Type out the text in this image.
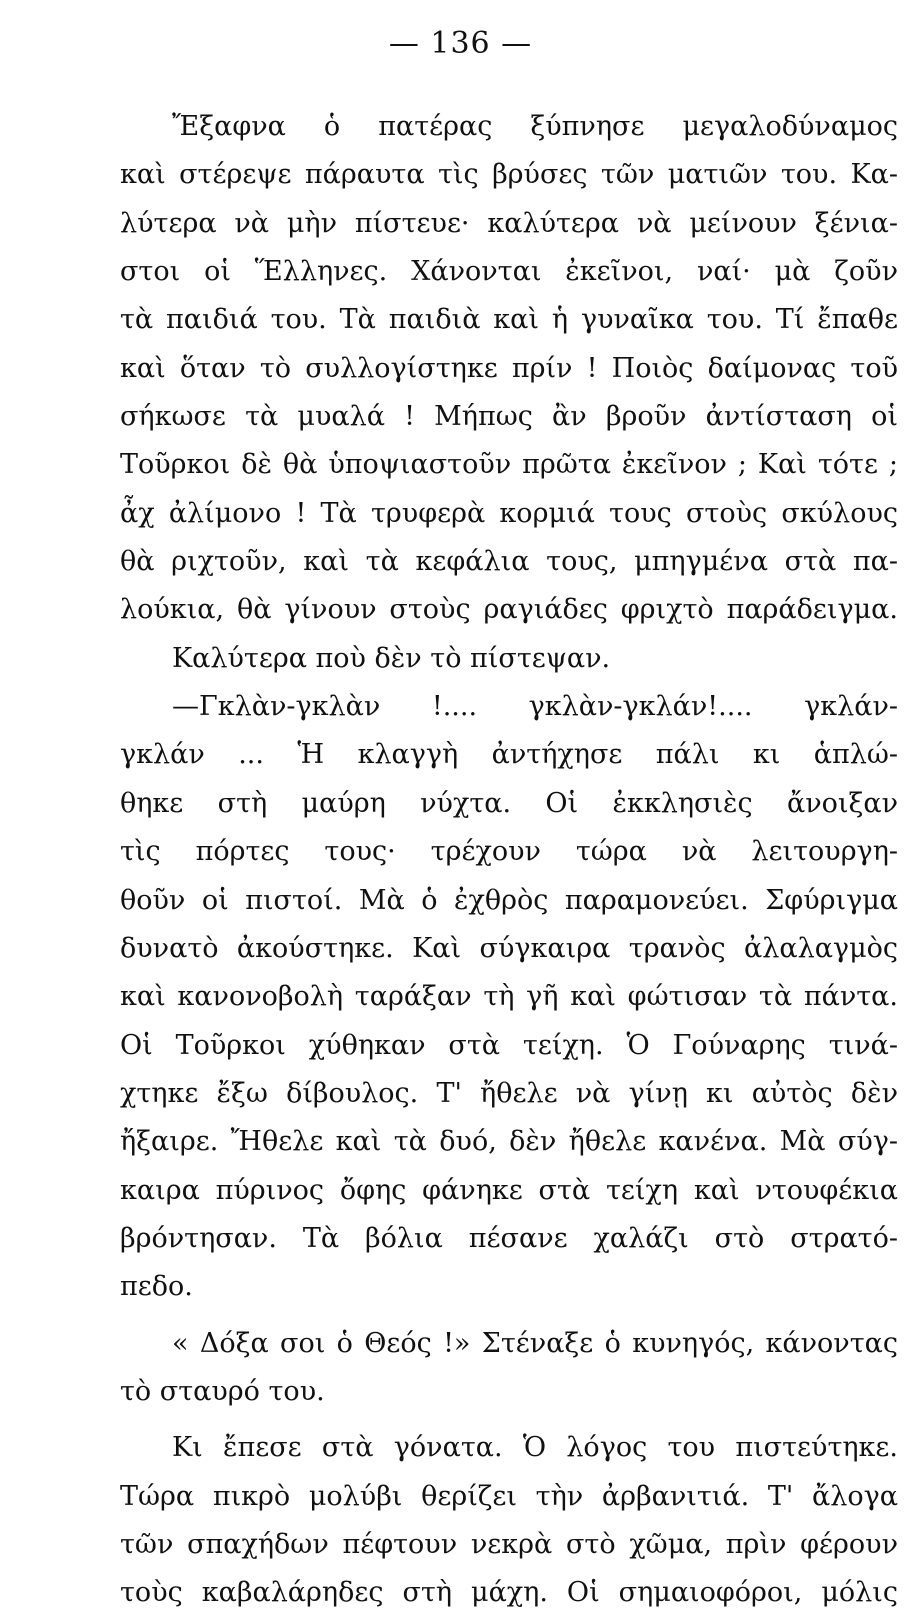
— 136 —
Ἔξαφνα ὁ πατέρας ξύπνησε μεγαλοδύναμος
καὶ στέρεψε πάραυτα τὶς βρύσες τῶν ματιῶν του. Κα-
λύτερα νὰ μὴν πίστευε· καλύτερα νὰ μείνουν ξένια-
στοι οἱ Ἕλληνες. Χάνονται ἐκεῖνοι, ναί· μὰ ζοῦν
τὰ παιδιά του. Τὰ παιδιὰ καὶ ἡ γυναῖκα του. Τί ἔπαθε
καὶ ὅταν τὸ συλλογίστηκε πρίν ! Ποιὸς δαίμονας τοῦ
σήκωσε τὰ μυαλά ! Μήπως ἂν βροῦν ἀντίσταση οἱ
Τοῦρκοι δὲ θὰ ὑποψιαστοῦν πρῶτα ἐκεῖνον ; Καὶ τότε ;
ἆχ ἀλίμονο ! Τὰ τρυφερὰ κορμιά τους στοὺς σκύλους
θὰ ριχτοῦν, καὶ τὰ κεφάλια τους, μπηγμένα στὰ πα-
λούκια, θὰ γίνουν στοὺς ραγιάδες φριχτὸ παράδειγμα.
Καλύτερα ποὺ δὲν τὸ πίστεψαν.
—Γκλὰν-γκλὰν !.... γκλὰν-γκλάν!.... γκλάν-
γκλάν ... Ἡ κλαγγὴ ἀντήχησε πάλι κι ἁπλώ-
θηκε στὴ μαύρη νύχτα. Οἱ ἐκκλησιὲς ἄνοιξαν
τὶς πόρτες τους· τρέχουν τώρα νὰ λειτουργη-
θοῦν οἱ πιστοί. Μὰ ὁ ἐχθρὸς παραμονεύει. Σφύριγμα
δυνατὸ ἀκούστηκε. Καὶ σύγκαιρα τρανὸς ἀλαλαγμὸς
καὶ κανονοβολὴ ταράξαν τὴ γῆ καὶ φώτισαν τὰ πάντα.
Οἱ Τοῦρκοι χύθηκαν στὰ τείχη. Ὁ Γούναρης τινά-
χτηκε ἔξω δίβουλος. Τ' ἤθελε νὰ γίνῃ κι αὐτὸς δὲν
ἤξαιρε. Ἤθελε καὶ τὰ δυό, δὲν ἤθελε κανένα. Μὰ σύγ-
καιρα πύρινος ὄφης φάνηκε στὰ τείχη καὶ ντουφέκια
βρόντησαν. Τὰ βόλια πέσανε χαλάζι στὸ στρατό-
πεδο.
« Δόξα σοι ὁ Θεός !» Στέναξε ὁ κυνηγός, κάνοντας
τὸ σταυρό του.
Κι ἔπεσε στὰ γόνατα. Ὁ λόγος του πιστεύτηκε.
Τώρα πικρὸ μολύβι θερίζει τὴν ἀρβανιτιά. Τ' ἄλογα
τῶν σπαχήδων πέφτουν νεκρὰ στὸ χῶμα, πρὶν φέρουν
τοὺς καβαλάρηδες στὴ μάχη. Οἱ σημαιοφόροι, μόλις
